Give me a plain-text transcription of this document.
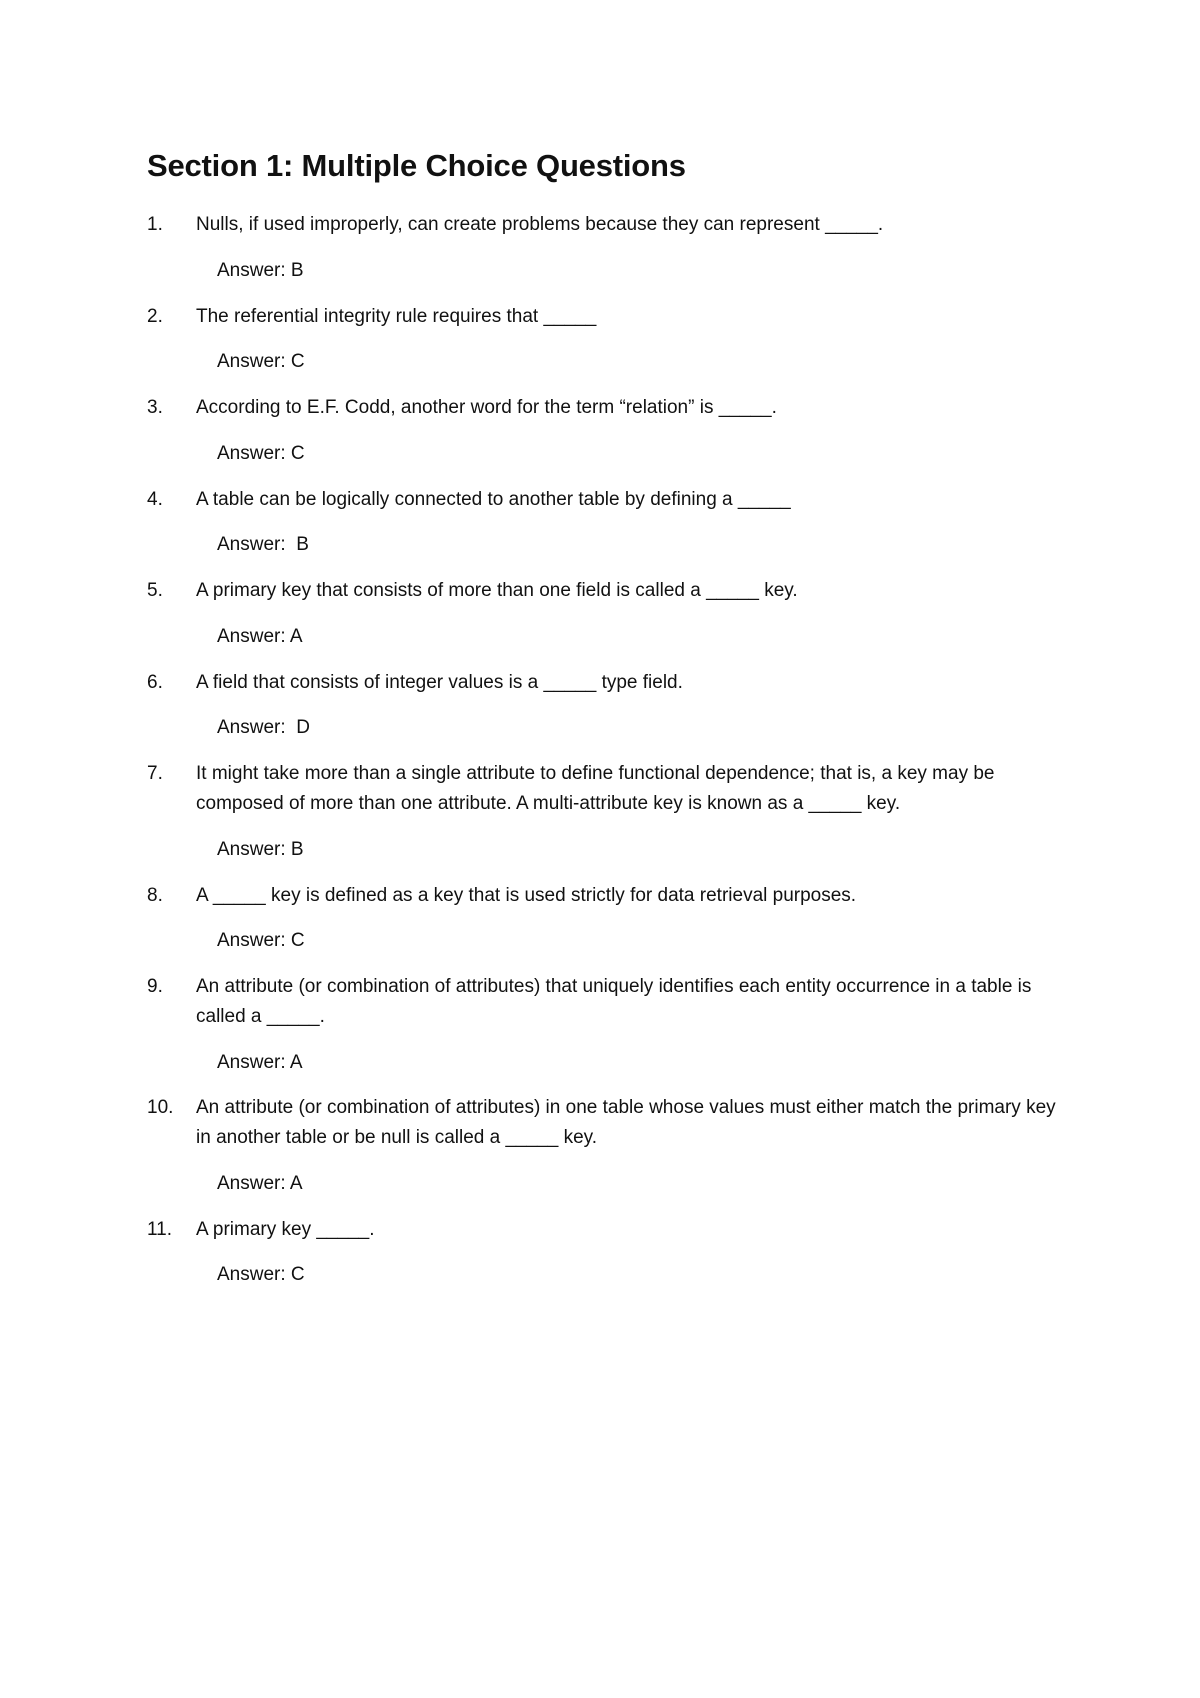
Section 1: Multiple Choice Questions
1.	Nulls, if used improperly, can create problems because they can represent _____.

Answer: B
2.	The referential integrity rule requires that _____

Answer: C
3.	According to E.F. Codd, another word for the term “relation” is _____.

Answer: C
4.	A table can be logically connected to another table by defining a _____

Answer:  B
5.	A primary key that consists of more than one field is called a _____ key.

Answer: A
6.	A field that consists of integer values is a _____ type field.

Answer:  D
7.	It might take more than a single attribute to define functional dependence; that is, a key may be composed of more than one attribute. A multi-attribute key is known as a _____ key.

Answer: B
8.	A _____ key is defined as a key that is used strictly for data retrieval purposes.

Answer: C
9.	An attribute (or combination of attributes) that uniquely identifies each entity occurrence in a table is called a _____.

Answer: A
10.	An attribute (or combination of attributes) in one table whose values must either match the primary key in another table or be null is called a _____ key.

Answer: A
11.	A primary key _____.

Answer: C
